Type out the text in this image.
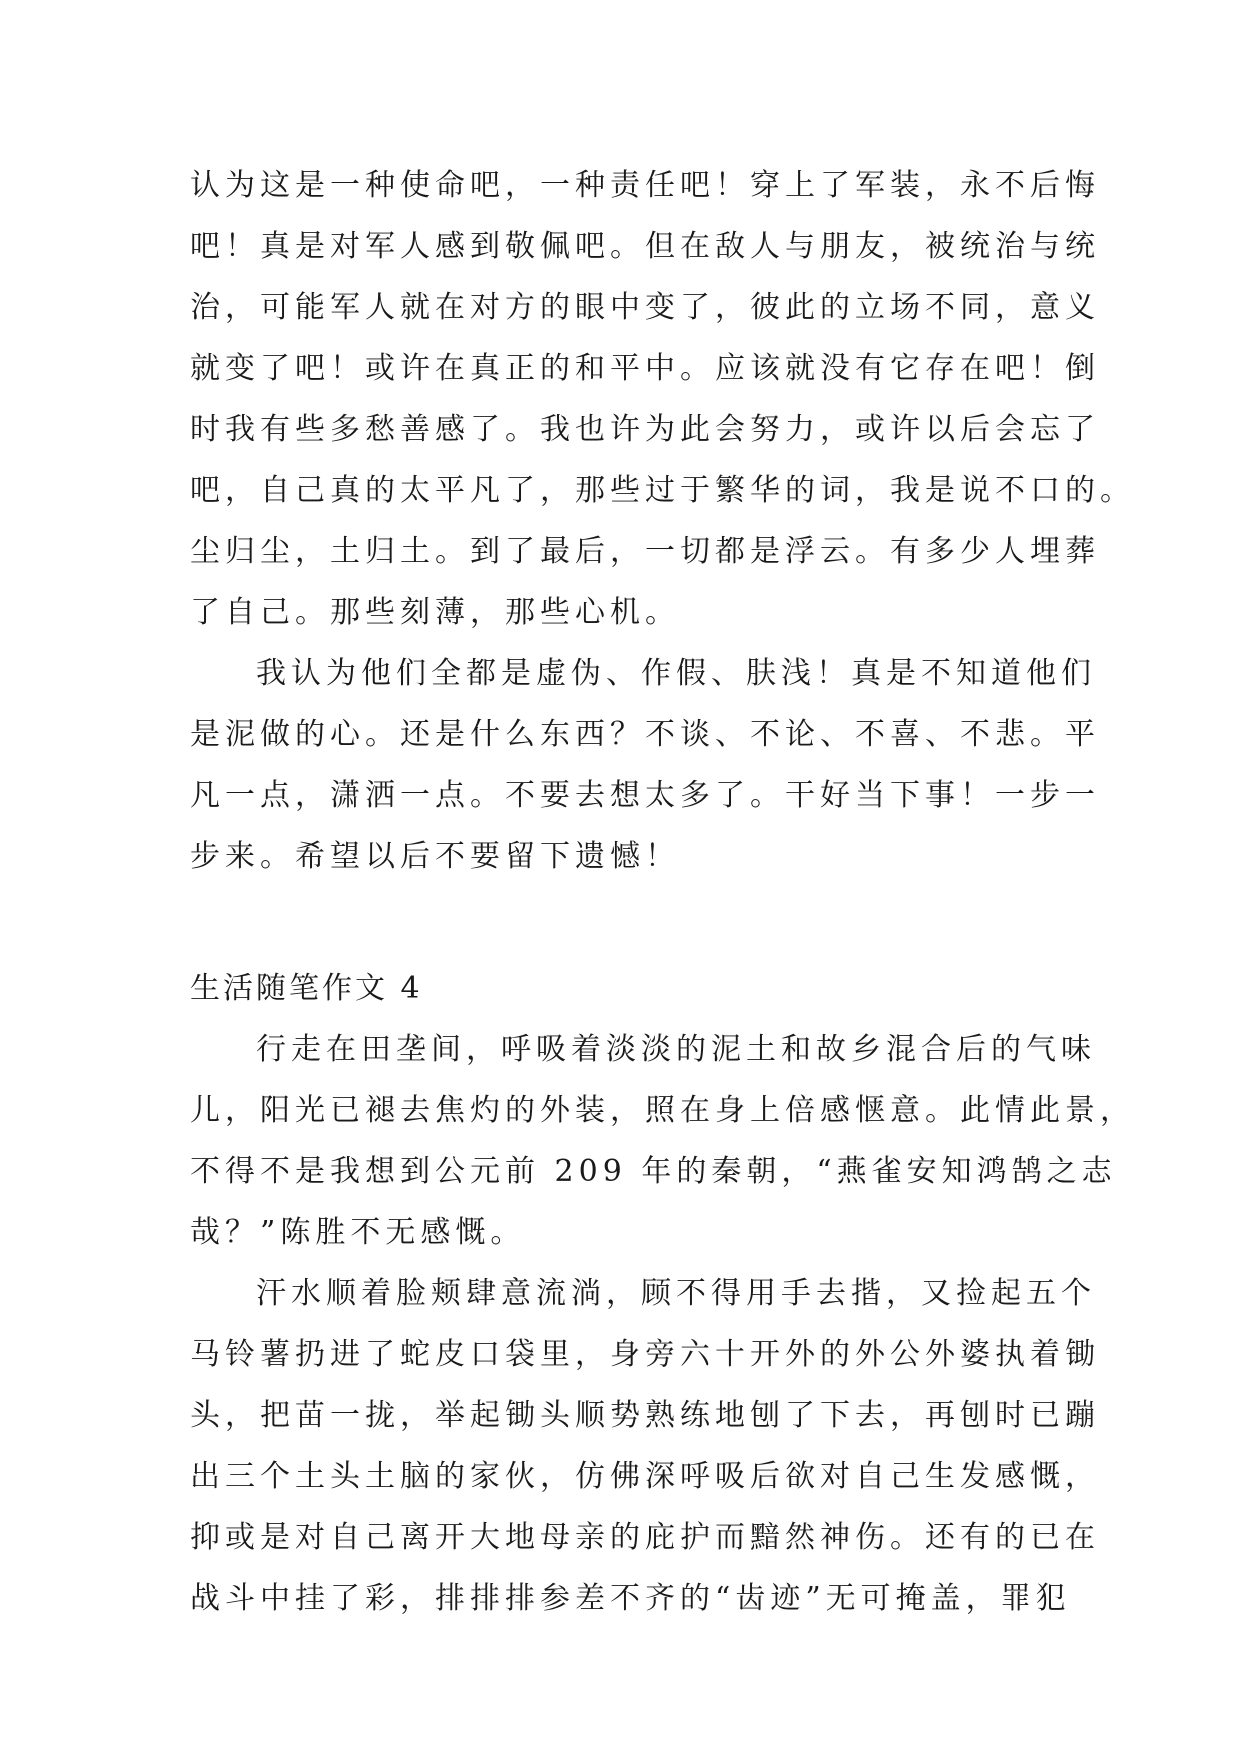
认为这是一种使命吧，一种责任吧！穿上了军装，永不后悔
吧！真是对军人感到敬佩吧。但在敌人与朋友，被统治与统
治，可能军人就在对方的眼中变了，彼此的立场不同，意义
就变了吧！或许在真正的和平中。应该就没有它存在吧！倒
时我有些多愁善感了。我也许为此会努力，或许以后会忘了
吧，自己真的太平凡了，那些过于繁华的词，我是说不口的。
尘归尘，土归土。到了最后，一切都是浮云。有多少人埋葬
了自己。那些刻薄，那些心机。
我认为他们全都是虚伪、作假、肤浅！真是不知道他们
是泥做的心。还是什么东西？不谈、不论、不喜、不悲。平
凡一点，潇洒一点。不要去想太多了。干好当下事！一步一
步来。希望以后不要留下遗憾！
生活随笔作文 4
行走在田垄间，呼吸着淡淡的泥土和故乡混合后的气味
儿，阳光已褪去焦灼的外装，照在身上倍感惬意。此情此景，
不得不是我想到公元前 209 年的秦朝，“燕雀安知鸿鹄之志
哉？”陈胜不无感慨。
汗水顺着脸颊肆意流淌，顾不得用手去揩，又捡起五个
马铃薯扔进了蛇皮口袋里，身旁六十开外的外公外婆执着锄
头，把苗一拢，举起锄头顺势熟练地刨了下去，再刨时已蹦
出三个土头土脑的家伙，仿佛深呼吸后欲对自己生发感慨，
抑或是对自己离开大地母亲的庇护而黯然神伤。还有的已在
战斗中挂了彩，排排排参差不齐的“齿迹”无可掩盖，罪犯
